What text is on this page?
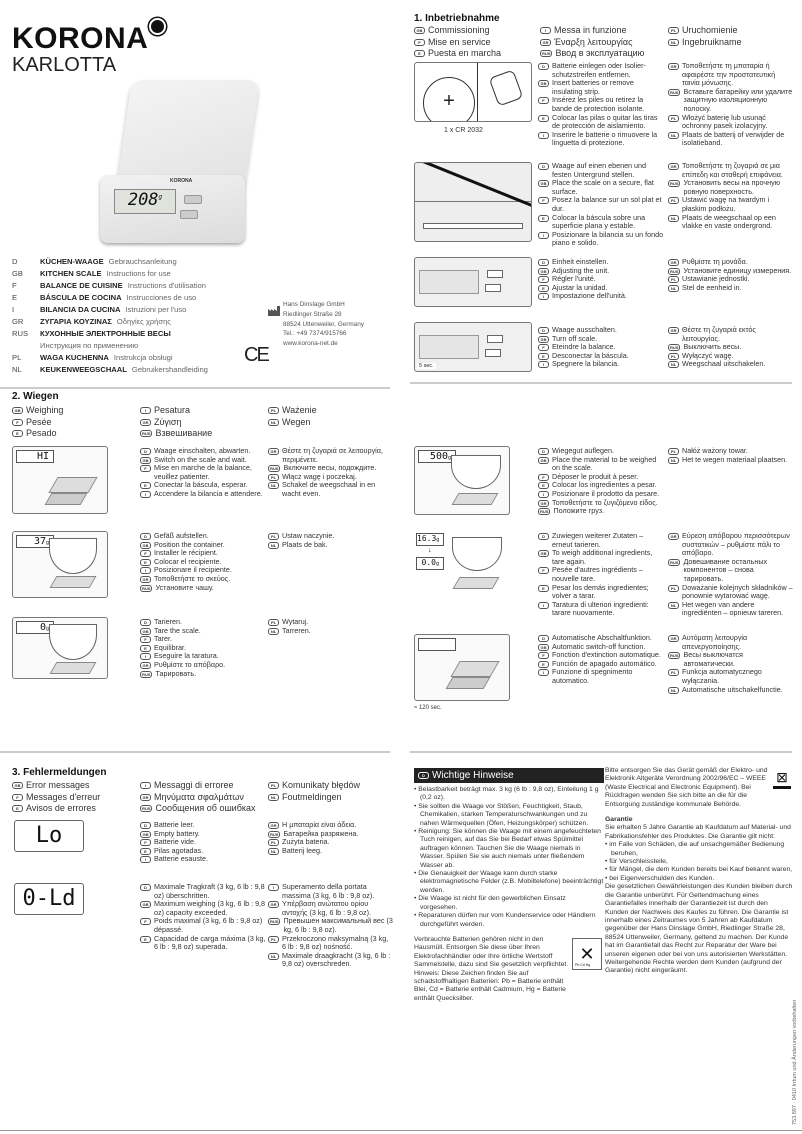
KORONA
KARLOTTA
KORONA
208$^g$
D	KÜCHEN-WAAGE Gebrauchsanleitung
GB	KITCHEN SCALE Instructions for use
F	BALANCE DE CUISINE Instructions d'utilisation
E	BÁSCULA DE COCINA Instrucciones de uso
I	BILANCIA DA CUCINA Istruzioni per l'uso
GR	ΖΥΓΑΡΙΑ ΚΟΥΖΙΝΑΣ Οδηγίες χρήσης
RUS	КУХОННЫЕ ЭЛЕКТРОННЫЕ ВЕСЫ
Инструкция по применению
PL	WAGA KUCHENNA Instrukcja obsługi
NL	KEUKENWEEGSCHAAL Gebruikershandleiding
Hans Dinslage GmbH
Riedlinger Straße 28
88524 Uttenweiler, Germany
Tel.: +49 7374/915766
www.korona-net.de
CE
1. Inbetriebnahme
GB Commissioning
F Mise en service
E Puesta en marcha
I Messa in funzione
GR Έναρξη λειτουργίας
RUS Ввод в эксплуатацию
PL Uruchomienie
NL Ingebruikname
+
1 x CR 2032
D Batterie einlegen oder Isolier-schutzstreifen entfernen.
GB Insert batteries or remove insulating strip.
F	Insérez les piles ou retirez la bande de protection isolante.
E Colocar las pilas o quitar las tiras de protección de aislamiento.
I	Inserire le batterie o rimuovere la linguetta di protezione.
GR Τοποθετήστε τη μπαταρία ή αφαιρέστε την προστατευτική ταινία μόνωσης.
RUS Вставьте батарейку или удалите защитную изоляционную полоску.
PL Włożyć baterię lub usunąć ochronny pasek izolacyjny.
NL Plaats de batterij of verwijder de isolatieband.
D Waage auf einen ebenen und festen Untergrund stellen.
GB Place the scale on a secure, flat surface.
F	Posez la balance sur un sol plat et dur.
E Colocar la báscula sobre una superficie plana y estable.
I	Posizionare la bilancia su un fondo piano e solido.
GR Τοποθετήστε τη ζυγαριά σε μια επίπεδη και σταθερή επιφάνεια.
RUS Установить весы на прочную ровную поверхность.
PL Ustawić wagę na twardym i płaskim podłożu.
NL Plaats de weegschaal op een vlakke en vaste ondergrond.
D Einheit einstellen.
GB Adjusting the unit.
F	Régler l'unité.
E Ajustar la unidad.
I	Impostazione dell'unità.
GR Ρυθμίστε τη μονάδα.
RUS Установите единицу измерения.
PL Ustawianie jednostki.
NL Stel de eenheid in.
5 sec.
D Waage ausschalten.
GB Turn off scale.
F	Eteindre la balance.
E Desconectar la báscula.
I	Spegnere la bilancia.
GR Θέστε τη ζυγαριά εκτός λειτουργίας.
RUS Выключить весы.
PL Wyłączyć wagę.
NL Weegschaal uitschakelen.
2. Wiegen
GB Weighing
F Pesée
E Pesado
I Pesatura
GR Ζύγιση
RUS Взвешивание
PL Ważenie
NL Wegen
HI	D Waage einschalten, abwarten.
GB Switch on the scale and wait.
F	Mise en marche de la balance, veuillez patienter.
E Conectar la báscula, esperar.
I	Accendere la bilancia e attendere.
GR Θέστε τη ζυγαριά σε λειτουργία, περιμένετε.
RUS Включите весы, подождите.
PL Włącz wagę i poczekaj.
NL Schakel de weegschaal in en wacht even.
37g
D Gefäß aufstellen.
GB Position the container.
F	Installer le récipient.
E Colocar el recipiente.
I	Posizionare il recipiente.
GR Τοποθετήστε το σκεύος.
RUS Установите чашу.
PL Ustaw naczynie.
NL Plaats de bak.
0g
D Tarieren.
GB Tare the scale.
F	Tarer.
E Equilibrar.
I	Eseguire la taratura.
GR Ρυθμίστε το απόβαρο.
RUS Тарировать.
PL Wytaruj.
NL Tarreren.
500g
D Wiegegut auflegen.
GB Place the material to be weighed on the scale.
F	Déposer le produit à peser.
E Colocar los ingredientes a pesar.
I	Posizionare il prodotto da pesare.
GR Τοποθετήστε το ζυγιζόμενο είδος.
RUS Положите груз.
PL Nałóż ważony towar.
NL Het te wegen materiaal plaatsen.
16.3g
↓
0.0g
D Zuwiegen weiterer Zutaten – erneut tarieren.
GB To weigh additional ingredients, tare again.
F	Pesée d'autres ingrédients – nouvelle tare.
E Pesar los demás ingredientes; volver a tarar.
I	Taratura di ulteriori ingredienti: tarare nuovamente.
GR Εύρεση απόβαρου περισσότερων συστατικών – ρυθμίστε πάλι το απόβαρο.
RUS Довешивание остальных компонентов – снова тарировать.
PL Doważanie kolejnych składników – ponownie wytarować wagę.
NL Het wegen van andere ingrediënten – opnieuw tareren.
≈ 120 sec.
D Automatische Abschaltfunktion.
GB Automatic switch-off function.
F	Fonction d'extinction automatique.
E Función de apagado automático.
I	Funzione di spegnimento automatico.
GR Αυτόματη λειτουργία απενεργοποίησης.
RUS Весы выключатся автоматически.
PL Funkcja automatycznego wyłączania.
NL Automatische uitschakelfunctie.
3. Fehlermeldungen
GB Error messages
F Messages d'erreur
E Avisos de errores
I Messaggi di erroree
GR Μηνύματα σφαλμάτων
RUS Сообщения об ошибках
PL Komunikaty błędów
NL Foutmeldingen
Lo	D Batterie leer.
GB Empty battery.
F	Batterie vide.
E Pilas agotadas.
I	Batterie esauste.
GR Η μπαταρία είναι άδεια.
RUS Батарейка разряжена.
PL Zużyta bateria.
NL Batterij leeg.
0-Ld	D Maximale Tragkraft (3 kg, 6 lb : 9,8 oz) überschritten.
GB Maximum weighing (3 kg, 6 lb : 9,8 oz) capacity exceeded.
F	Poids maximal (3 kg, 6 lb : 9,8 oz) dépassé.
E Capacidad de carga máxima (3 kg, 6 lb : 9,8 oz) superada.
I	Superamento della portata massima (3 kg, 6 lb : 9,8 oz).
GR Υπέρβαση ανώτατου ορίου αντοχής (3 kg, 6 lb : 9,8 oz).
RUS Превышен максимальный вес (3 kg, 6 lb : 9,8 oz).
PL Przekroczono maksymalną (3 kg, 6 lb : 9,8 oz) nośność.
NL Maximale draagkracht (3 kg, 6 lb : 9,8 oz) overschreden.
D Wichtige Hinweise
• Belastbarkeit beträgt max. 3 kg (6 lb : 9,8 oz), Einteilung 1 g (0,2 oz).
• Sie sollten die Waage vor Stößen, Feuchtigkeit, Staub, Chemikalien, starken Temperaturschwankungen und zu nahen Wärmequellen (Öfen, Heizungskörper) schützen.
• Reinigung: Sie können die Waage mit einem angefeuchteten Tuch reinigen, auf das Sie bei Bedarf etwas Spülmittel auftragen können. Tauchen Sie die Waage niemals in Wasser. Spülen Sie sie auch niemals unter fließendem Wasser ab.
• Die Genauigkeit der Waage kann durch starke elektromagnetische Felder (z.B. Mobiltelefone) beeinträchtigt werden.
• Die Waage ist nicht für den gewerblichen Einsatz vorgesehen.
• Reparaturen dürfen nur vom Kundenservice oder Händlern durchgeführt werden.
✕
Pb Cd Hg
Verbrauchte Batterien gehören nicht in den Hausmüll. Entsorgen Sie diese über Ihren Elektrofachhändler oder Ihre örtliche Wertstoff Sammelstelle, dazu sind Sie gesetzlich verpflichtet. Hinweis: Diese Zeichen finden Sie auf schadstoffhaltigen Batterien: Pb = Batterie enthält Blei, Cd = Batterie enthält Cadmium, Hg = Batterie enthält Quecksilber.
⊠
Bitte entsorgen Sie das Gerät gemäß der Elektro- und Elektronik Altgeräte Verordnung 2002/96/EC – WEEE (Waste Electrical and Electronic Equipment). Bei Rückfragen wenden Sie sich bitte an die für die Entsorgung zuständige kommunale Behörde.
Garantie
Sie erhalten 5 Jahre Garantie ab Kaufdatum auf Material- und Fabrikationsfehler des Produktes. Die Garantie gilt nicht:
• im Falle von Schäden, die auf unsachgemäßer Bedienung beruhen,
• für Verschleissteile,
• für Mängel, die dem Kunden bereits bei Kauf bekannt waren,
• bei Eigenverschulden des Kunden.
Die gesetzlichen Gewährleistungen des Kunden bleiben durch die Garantie unberührt. Für Geltendmachung eines Garantiefalles innerhalb der Garantiezeit ist durch den Kunden der Nachweis des Kaufes zu führen. Die Garantie ist innerhalb eines Zeitraumes von 5 Jahren ab Kaufdatum gegenüber der Hans Dinslage GmbH, Riedlinger Straße 28, 88524 Uttenweiler, Germany, geltend zu machen. Der Kunde hat im Garantiefall das Recht zur Reparatur der Ware bei unseren eigenen oder bei von uns autorisierten Werkstätten. Weitergehende Rechte werden dem Kunden (aufgrund der Garantie) nicht eingeräumt.
753.897 · 0410 Irrtum und Änderungen vorbehalten
